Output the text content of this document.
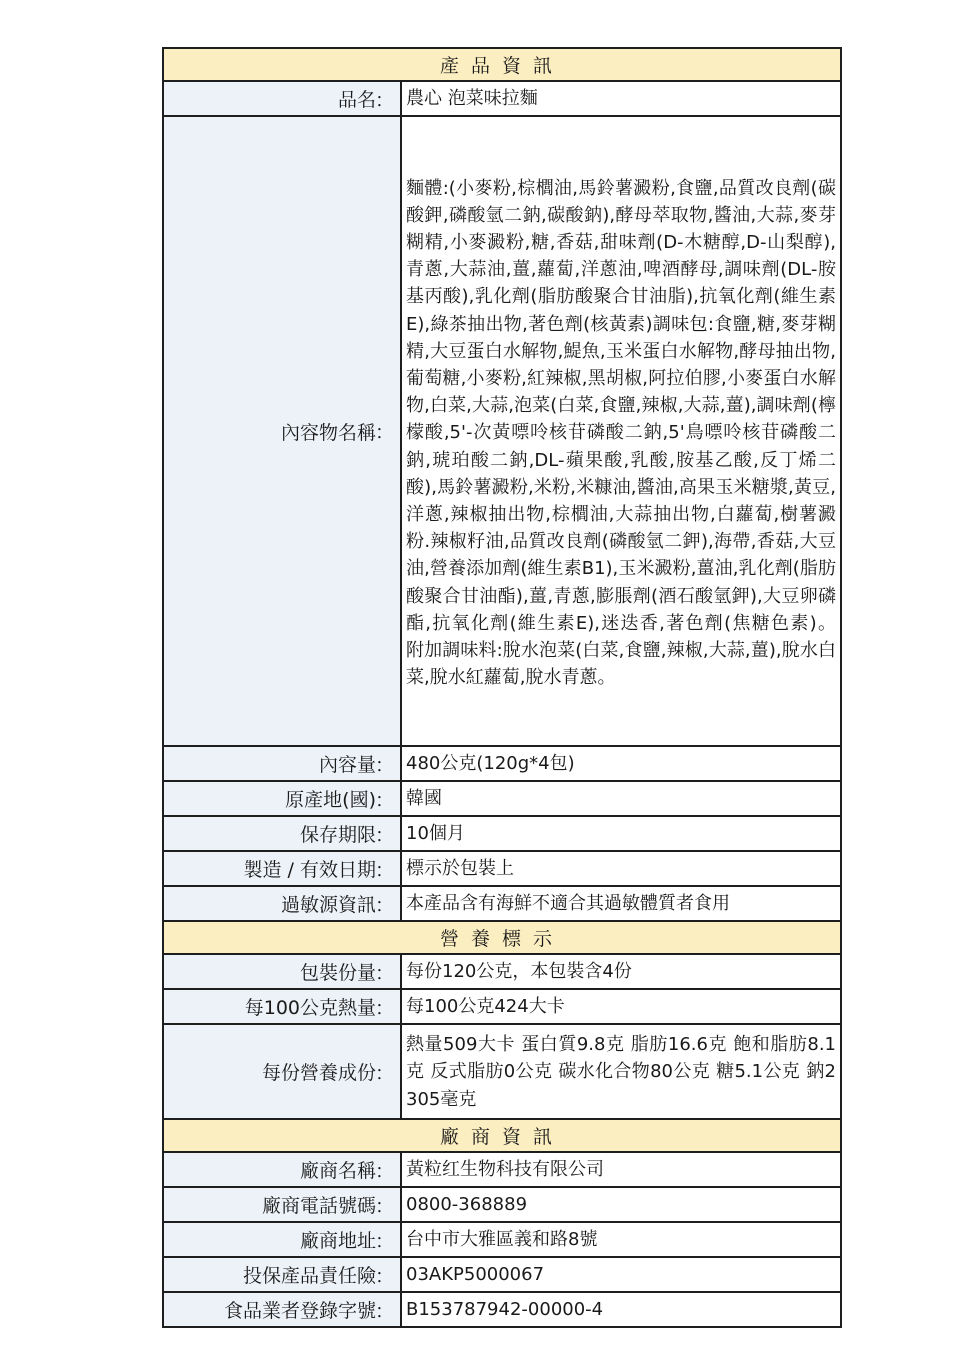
產品資訊	
品名
：	農心 泡菜味拉麵
內容物名稱
：	麵體:(小麥粉,棕櫚油,馬鈴薯澱粉,食鹽,品質改良劑(碳酸鉀,磷酸氫二鈉,碳酸鈉),酵母萃取物,醬油,大蒜,麥芽糊精,小麥澱粉,糖,香菇,甜味劑(D-木糖醇,D-山梨醇),青蔥,大蒜油,薑,蘿蔔,洋蔥油,啤酒酵母,調味劑(DL-胺基丙酸),乳化劑(脂肪酸聚合甘油脂),抗氧化劑(維生素E),綠茶抽出物,著色劑(核黃素)調味包:食鹽,糖,麥芽糊精,大豆蛋白水解物,鯷魚,玉米蛋白水解物,酵母抽出物,葡萄糖,小麥粉,紅辣椒,黑胡椒,阿拉伯膠,小麥蛋白水解物,白菜,大蒜,泡菜(白菜,食鹽,辣椒,大蒜,薑),調味劑(檸檬酸,5'-次黃嘌呤核苷磷酸二鈉,5'鳥嘌呤核苷磷酸二鈉,琥珀酸二鈉,DL-蘋果酸,乳酸,胺基乙酸,反丁烯二酸),馬鈴薯澱粉,米粉,米糠油,醬油,高果玉米糖漿,黃豆,洋蔥,辣椒抽出物,棕櫚油,大蒜抽出物,白蘿蔔,樹薯澱粉.辣椒籽油,品質改良劑(磷酸氫二鉀),海帶,香菇,大豆油,營養添加劑(維生素B1),玉米澱粉,薑油,乳化劑(脂肪酸聚合甘油酯),薑,青蔥,膨脹劑(酒石酸氫鉀),大豆卵磷酯,抗氧化劑(維生素E),迷迭香,著色劑(焦糖色素)。             附加調味料:脫水泡菜(白菜,食鹽,辣椒,大蒜,薑),脫水白菜,脫水紅蘿蔔,脫水青蔥。
內容量
：	480公克(120g*4包)
原產地(國)
：	韓國
保存期限
：	10個月
製造 / 有效日期
：	標示於包裝上
過敏源資訊
：	本產品含有海鮮不適合其過敏體質者食用
營養標示	
包裝份量
：	每份120公克，本包裝含4份
每100公克熱量
：	每100公克424大卡
每份營養成份
：	熱量509大卡 蛋白質9.8克 脂肪16.6克 飽和脂肪8.1克 反式脂肪0公克 碳水化合物80公克 糖5.1公克 鈉2305毫克
廠商資訊	
廠商名稱
：	黃粒红生物科技有限公司
廠商電話號碼
：	0800-368889
廠商地址
：	台中市大雅區義和路8號
投保產品責任險
：	03AKP5000067
食品業者登錄字號
：	B153787942-00000-4
